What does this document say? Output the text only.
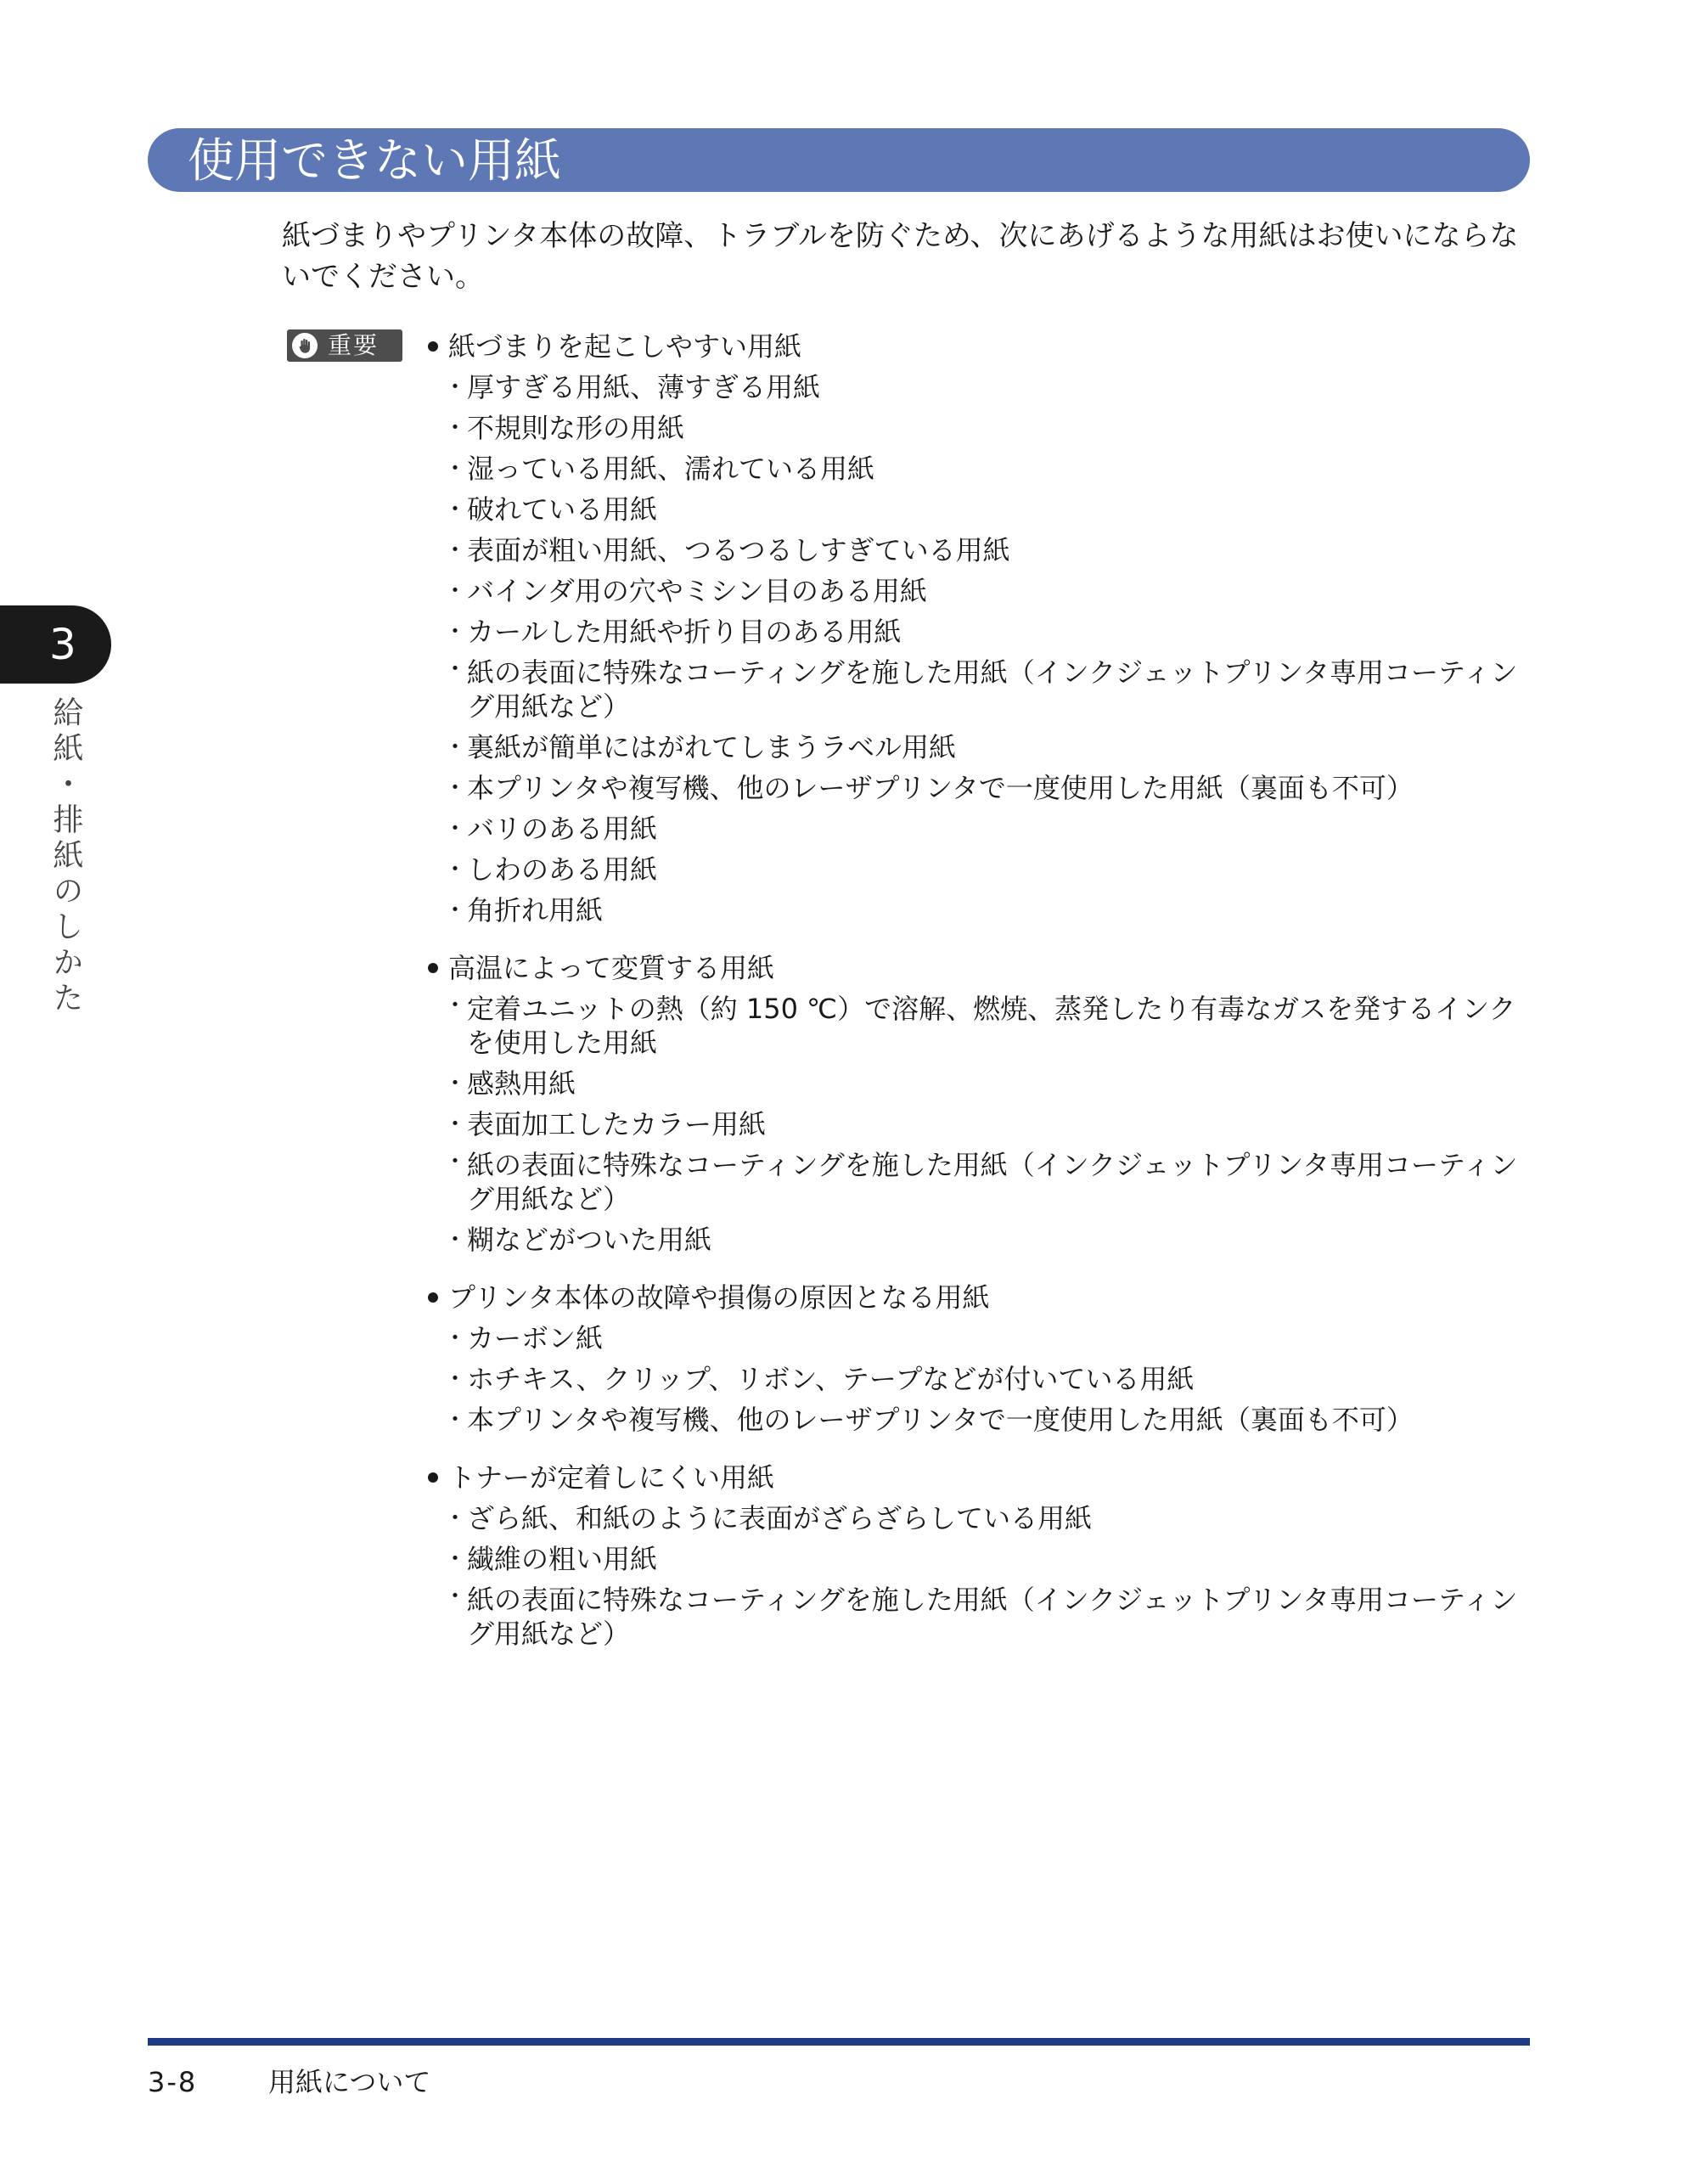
使用できない用紙

紙づまりやプリンタ本体の故障、トラブルを防ぐため、次にあげるような用紙はお使いにならないでください。

重要	紙づまりを起こしやすい用紙
・ 厚すぎる用紙、薄すぎる用紙
・ 不規則な形の用紙
・ 湿っている用紙、濡れている用紙
・ 破れている用紙
・ 表面が粗い用紙、つるつるしすぎている用紙
・ バインダ用の穴やミシン目のある用紙
・ カールした用紙や折り目のある用紙
・ 紙の表面に特殊なコーティングを施した用紙（インクジェットプリンタ専用コーティング用紙など）
・ 裏紙が簡単にはがれてしまうラベル用紙
・ 本プリンタや複写機、他のレーザプリンタで一度使用した用紙（裏面も不可）
・ バリのある用紙
・ しわのある用紙
・ 角折れ用紙
高温によって変質する用紙
・ 定着ユニットの熱（約 150 ℃）で溶解、燃焼、蒸発したり有毒なガスを発するインクを使用した用紙
・ 感熱用紙
・ 表面加工したカラー用紙
・ 紙の表面に特殊なコーティングを施した用紙（インクジェットプリンタ専用コーティング用紙など）
・ 糊などがついた用紙
プリンタ本体の故障や損傷の原因となる用紙
・ カーボン紙
・ ホチキス、クリップ、リボン、テープなどが付いている用紙
・ 本プリンタや複写機、他のレーザプリンタで一度使用した用紙（裏面も不可）
トナーが定着しにくい用紙
・ ざら紙、和紙のように表面がざらざらしている用紙
・ 繊維の粗い用紙
・ 紙の表面に特殊なコーティングを施した用紙（インクジェットプリンタ専用コーティング用紙など）
3
給紙・排紙のしかた
3-8	用紙について
